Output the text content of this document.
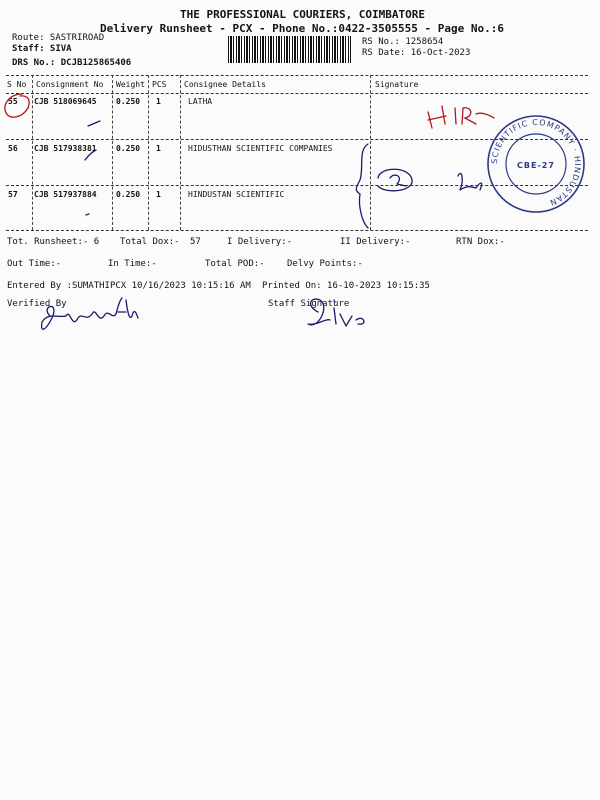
THE PROFESSIONAL COURIERS, COIMBATORE
Delivery Runsheet - PCX - Phone No.:0422-3505555 - Page No.:6
Route: SASTRIROAD
Staff: SIVA
DRS No.: DCJB125865406
RS No.: 1258654
RS Date: 16-Oct-2023
S No Consignment No Weight PCS Consignee Details	Signature
55 CJB 518069645 0.250 1	LATHA
56 CJB 517938381 0.250 1	HIDUSTHAN SCIENTIFIC COMPANIES
57 CJB 517937884 0.250 1	HINDUSTAN SCIENTIFIC
Tot. Runsheet:- 6 Total Dox:- 57	I Delivery:-	II Delivery:-	RTN Dox:-
Out Time:-	In Time:-	Total POD:- Delvy Points:-
Entered By :SUMATHIPCX 10/16/2023 10:15:16 AM Printed On: 16-10-2023 10:15:35
Verified By	Staff Signature
SCIENTIFIC COMPANY · HINDUSTAN
CBE-27
